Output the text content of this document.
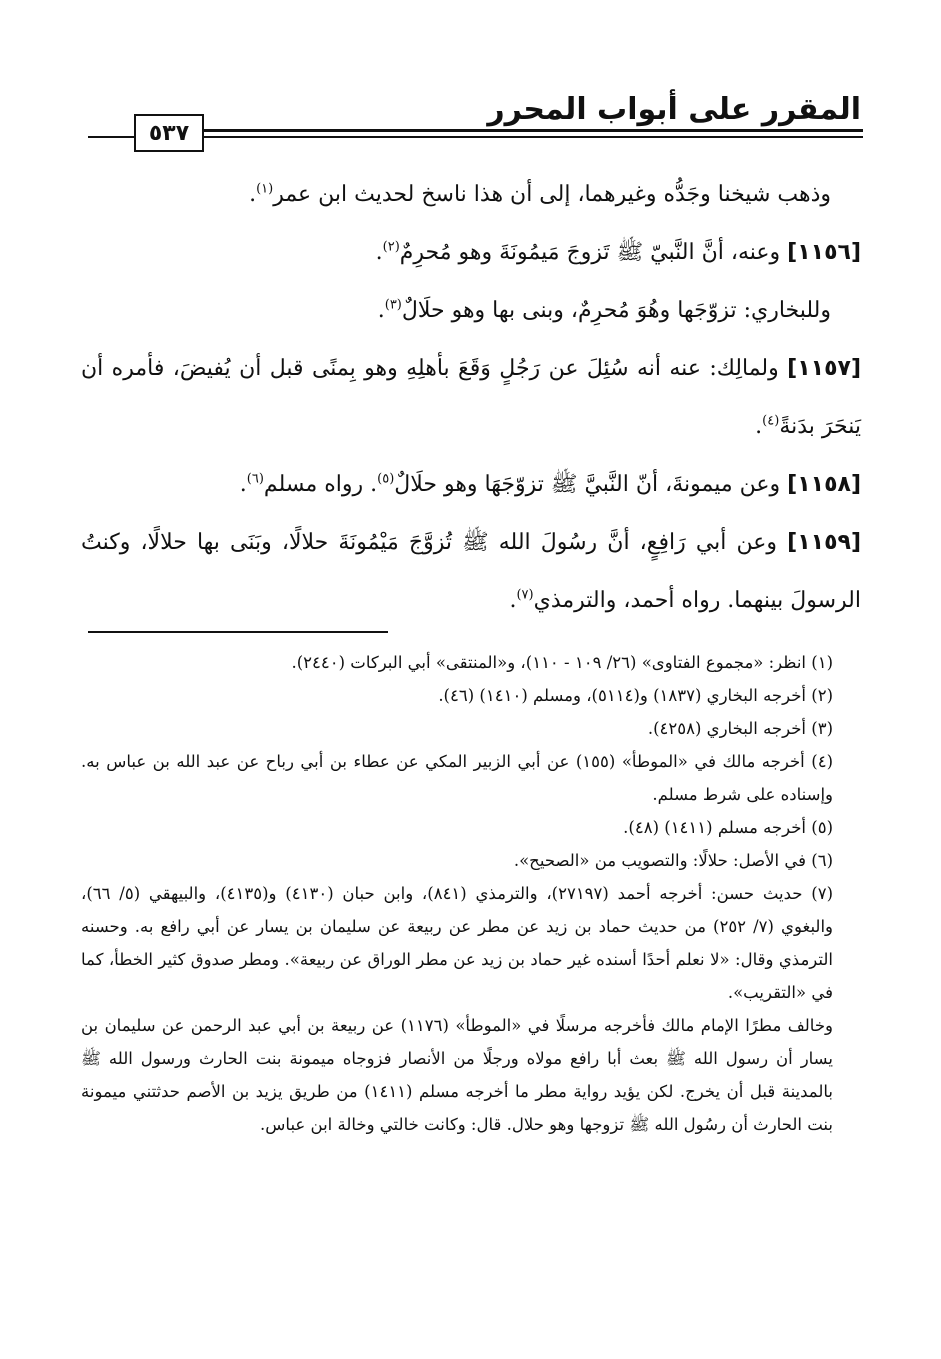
المقرر على أبواب المحرر
٥٣٧

وذهب شيخنا وجَدُّه وغيرهما، إلى أن هذا ناسخ لحديث ابن عمر$^{(١)}$.

[١١٥٦] وعنه، أنَّ النَّبيّ ﷺ تَزوجَ مَيمُونَةَ وهو مُحرِمٌ$^{(٢)}$.

وللبخاري: تزوّجَها وهُوَ مُحرِمٌ، وبنى بها وهو حلَالٌ$^{(٣)}$.

[١١٥٧] ولمالِك: عنه أنه سُئِلَ عن رَجُلٍ وَقَعَ بأهلِهِ وهو بِمنًى قبل أن يُفيضَ، فأمره أن يَنحَرَ بدَنةً$^{(٤)}$.

[١١٥٨] وعن ميمونةَ، أنّ النَّبيَّ ﷺ تزوّجَهَا وهو حلَالٌ$^{(٥)}$. رواه مسلم$^{(٦)}$.

[١١٥٩] وعن أبي رَافِعٍ، أنَّ رسُولَ الله ﷺ تُزوَّجَ مَيْمُونَةَ حلالًا، وبَنَى بها حلالًا، وكنتُ الرسولَ بينهما. رواه أحمد، والترمذي$^{(٧)}$.

(١) انظر: «مجموع الفتاوى» (٢٦/ ١٠٩ - ١١٠)، و«المنتقى» أبي البركات (٢٤٤٠).

(٢) أخرجه البخاري (١٨٣٧) و(٥١١٤)، ومسلم (١٤١٠) (٤٦).

(٣) أخرجه البخاري (٤٢٥٨).

(٤) أخرجه مالك في «الموطأ» (١٥٥) عن أبي الزبير المكي عن عطاء بن أبي رباح عن عبد الله بن عباس به. وإسناده على شرط مسلم.

(٥) أخرجه مسلم (١٤١١) (٤٨).

(٦) في الأصل: حلالًا: والتصويب من «الصحيح».

(٧) حديث حسن: أخرجه أحمد (٢٧١٩٧)، والترمذي (٨٤١)، وابن حبان (٤١٣٠) و(٤١٣٥)، والبيهقي (٥/ ٦٦)، والبغوي (٧/ ٢٥٢) من حديث حماد بن زيد عن مطر عن ربيعة عن سليمان بن يسار عن أبي رافع به. وحسنه الترمذي وقال: «لا نعلم أحدًا أسنده غير حماد بن زيد عن مطر الوراق عن ربيعة». ومطر صدوق كثير الخطأ، كما في «التقريب».

وخالف مطرًا الإمام مالك فأخرجه مرسلًا في «الموطأ» (١١٧٦) عن ربيعة بن أبي عبد الرحمن عن سليمان بن يسار أن رسول الله ﷺ بعث أبا رافع مولاه ورجلًا من الأنصار فزوجاه ميمونة بنت الحارث ورسول الله ﷺ بالمدينة قبل أن يخرج. لكن يؤيد رواية مطر ما أخرجه مسلم (١٤١١) من طريق يزيد بن الأصم حدثتني ميمونة بنت الحارث أن رسُول الله ﷺ تزوجها وهو حلال. قال: وكانت خالتي وخالة ابن عباس.
